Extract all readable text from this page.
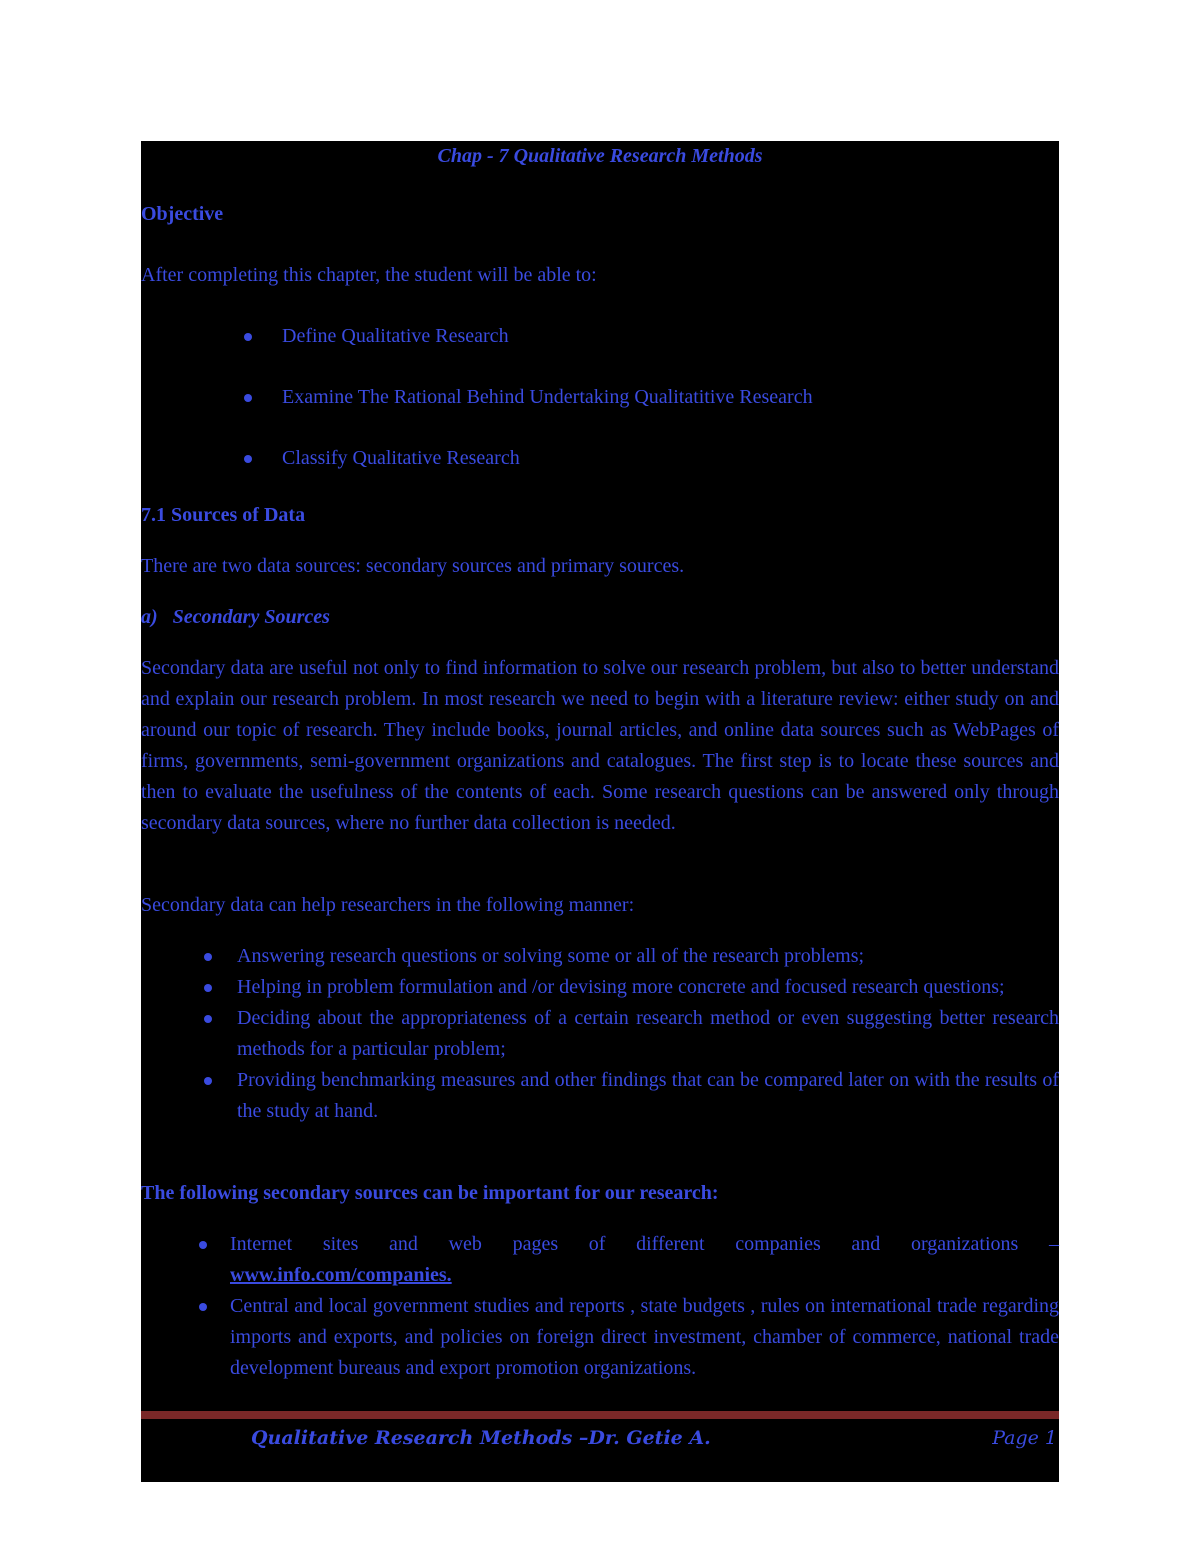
Chap - 7 Qualitative Research Methods

Objective

After completing this chapter, the student will be able to:

Define Qualitative Research
Examine The Rational Behind Undertaking Qualitatitive Research
Classify Qualitative Research

7.1 Sources of Data

There are two data sources: secondary sources and primary sources.

a)   Secondary Sources

Secondary data are useful not only to find information to solve our research problem, but also to better understand and explain our research problem. In most research we need to begin with a literature review: either study on and around our topic of research. They include books, journal articles, and online data sources such as WebPages of firms, governments, semi-government organizations and catalogues. The first step is to locate these sources and then to evaluate the usefulness of the contents of each. Some research questions can be answered only through secondary data sources, where no further data collection is needed.

Secondary data can help researchers in the following manner:

Answering research questions or solving some or all of the research problems;
Helping in problem formulation and /or devising more concrete and focused research questions;
Deciding about the appropriateness of a certain research method or even suggesting better research methods for a particular problem;
Providing benchmarking measures and other findings that can be compared later on with the results of the study at hand.

The following secondary sources can be important for our research:

Internet sites and web pages of different companies and organizations –
www.info.com/companies.
Central and local government studies and reports , state budgets , rules on international trade regarding imports and exports, and policies on foreign direct investment, chamber of commerce, national trade development bureaus and export promotion organizations.

Qualitative Research Methods –Dr. Getie A.	Page 1
